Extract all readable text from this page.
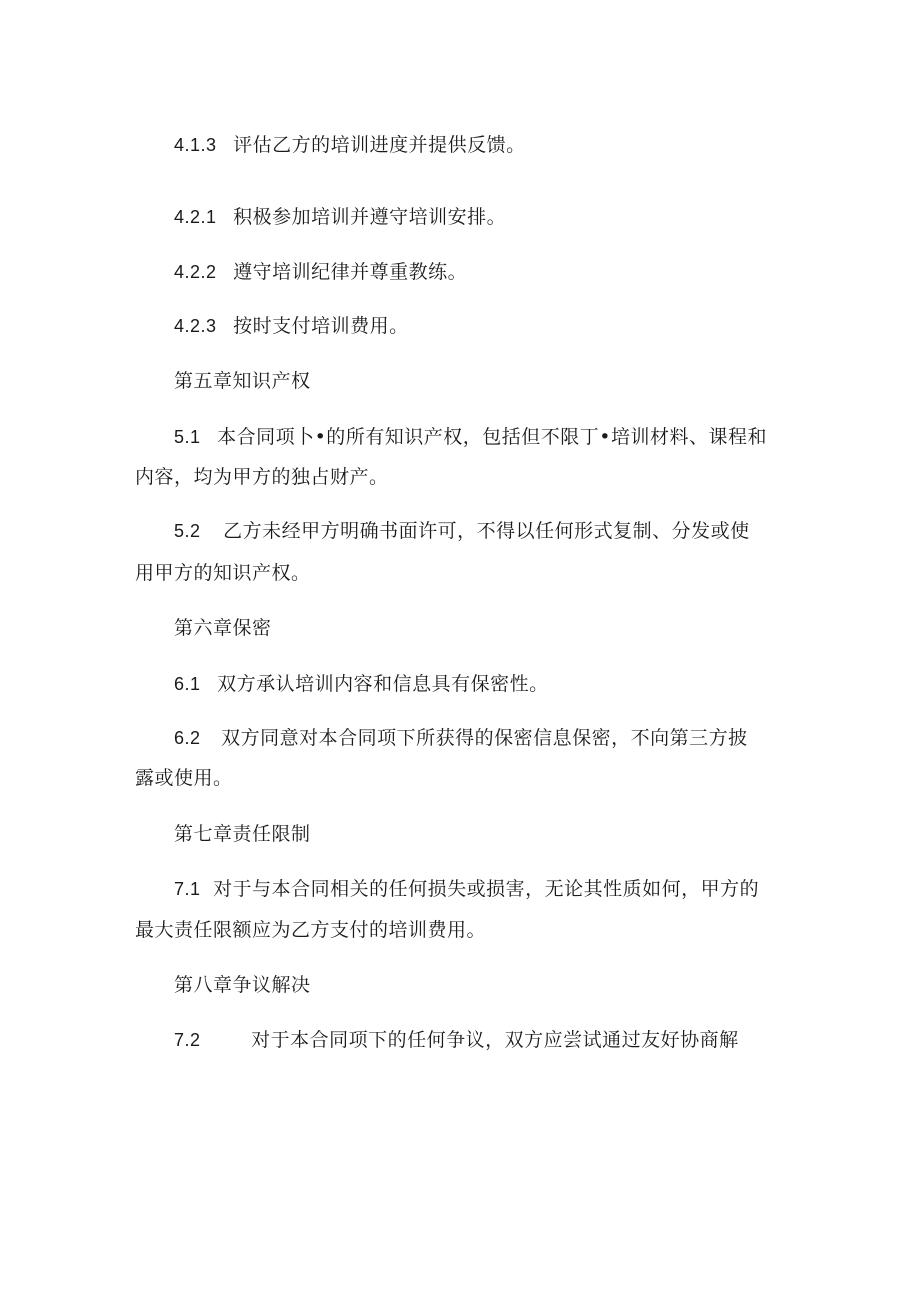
4.1.3 评估乙方的培训进度并提供反馈。

4.2.1 积极参加培训并遵守培训安排。

4.2.2 遵守培训纪律并尊重教练。

4.2.3 按时支付培训费用。

第五章知识产权

5.1 本合同项卜•的所有知识产权，包括但不限丁•培训材料、课程和

内容，均为甲方的独占财产。

5.2 乙方未经甲方明确书面许可，不得以任何形式复制、分发或使

用甲方的知识产权。

第六章保密

6.1 双方承认培训内容和信息具有保密性。

6.2 双方同意对本合同项下所获得的保密信息保密，不向第三方披

露或使用。

第七章责任限制

7.1 对于与本合同相关的任何损失或损害，无论其性质如何，甲方的

最大责任限额应为乙方支付的培训费用。

第八章争议解决

7.2	对于本合同项下的任何争议，双方应尝试通过友好协商解
